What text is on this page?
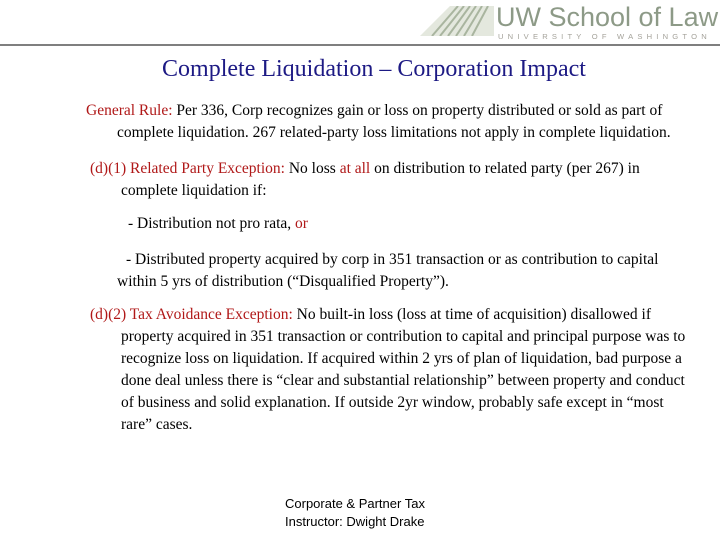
UW School of Law
UNIVERSITY OF WASHINGTON
Complete Liquidation – Corporation Impact

General Rule: Per 336, Corp recognizes gain or loss on property distributed or sold as part of complete liquidation. 267 related-party loss limitations not apply in complete liquidation.

(d)(1) Related Party Exception: No loss at all on distribution to related party (per 267) in complete liquidation if:

- Distribution not pro rata, or

- Distributed property acquired by corp in 351 transaction or as contribution to capital within 5 yrs of distribution (“Disqualified Property”).

(d)(2) Tax Avoidance Exception: No built-in loss (loss at time of acquisition) disallowed if property acquired in 351 transaction or contribution to capital and principal purpose was to recognize loss on liquidation. If acquired within 2 yrs of plan of liquidation, bad purpose a done deal unless there is “clear and substantial relationship” between property and conduct of business and solid explanation. If outside 2yr window, probably safe except in “most rare” cases.

Corporate & Partner Tax
Instructor: Dwight Drake
